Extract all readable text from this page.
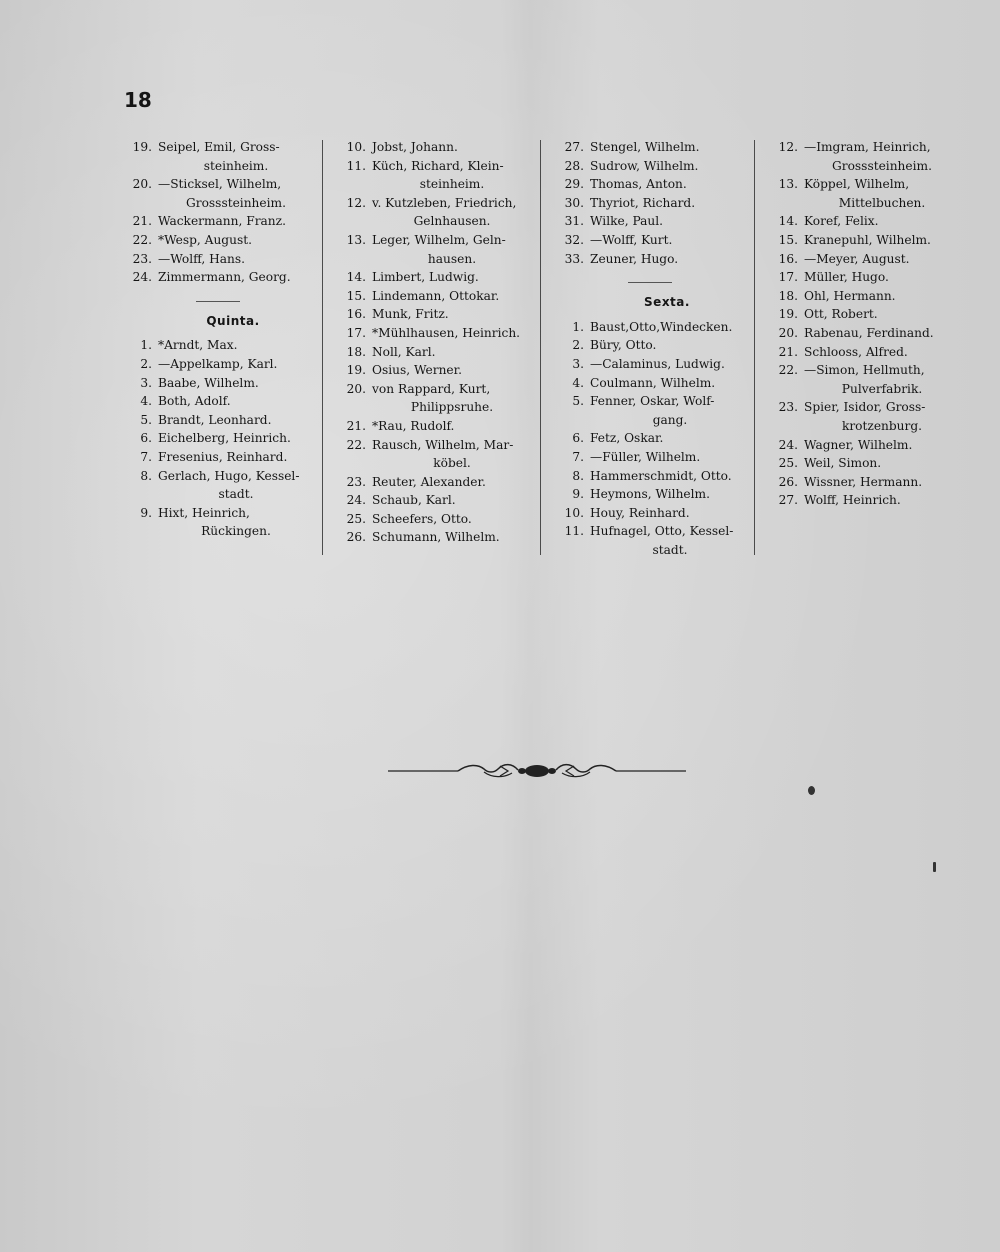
18
19. Seipel, Emil, Gross-
steinheim.
20. —Sticksel, Wilhelm,
Grosssteinheim.
21. Wackermann, Franz.
22. *Wesp, August.
23. —Wolff, Hans.
24. Zimmermann, Georg.
Quinta.
1. *Arndt, Max.
2. —Appelkamp, Karl.
3. Baabe, Wilhelm.
4. Both, Adolf.
5. Brandt, Leonhard.
6. Eichelberg, Heinrich.
7. Fresenius, Reinhard.
8. Gerlach, Hugo, Kessel-
stadt.
9. Hixt, Heinrich,
Rückingen.
10. Jobst, Johann.
11. Küch, Richard, Klein-
steinheim.
12. v. Kutzleben, Friedrich,
Gelnhausen.
13. Leger, Wilhelm, Geln-
hausen.
14. Limbert, Ludwig.
15. Lindemann, Ottokar.
16. Munk, Fritz.
17. *Mühlhausen, Heinrich.
18. Noll, Karl.
19. Osius, Werner.
20. von Rappard, Kurt,
Philippsruhe.
21. *Rau, Rudolf.
22. Rausch, Wilhelm, Mar-
köbel.
23. Reuter, Alexander.
24. Schaub, Karl.
25. Scheefers, Otto.
26. Schumann, Wilhelm.
27. Stengel, Wilhelm.
28. Sudrow, Wilhelm.
29. Thomas, Anton.
30. Thyriot, Richard.
31. Wilke, Paul.
32. —Wolff, Kurt.
33. Zeuner, Hugo.
Sexta.
1. Baust,Otto,Windecken.
2. Büry, Otto.
3. —Calaminus, Ludwig.
4. Coulmann, Wilhelm.
5. Fenner, Oskar, Wolf-
gang.
6. Fetz, Oskar.
7. —Füller, Wilhelm.
8. Hammerschmidt, Otto.
9. Heymons, Wilhelm.
10. Houy, Reinhard.
11. Hufnagel, Otto, Kessel-
stadt.
12. —Imgram, Heinrich,
Grosssteinheim.
13. Köppel, Wilhelm,
Mittelbuchen.
14. Koref, Felix.
15. Kranepuhl, Wilhelm.
16. —Meyer, August.
17. Müller, Hugo.
18. Ohl, Hermann.
19. Ott, Robert.
20. Rabenau, Ferdinand.
21. Schlooss, Alfred.
22. —Simon, Hellmuth,
Pulverfabrik.
23. Spier, Isidor, Gross-
krotzenburg.
24. Wagner, Wilhelm.
25. Weil, Simon.
26. Wissner, Hermann.
27. Wolff, Heinrich.
